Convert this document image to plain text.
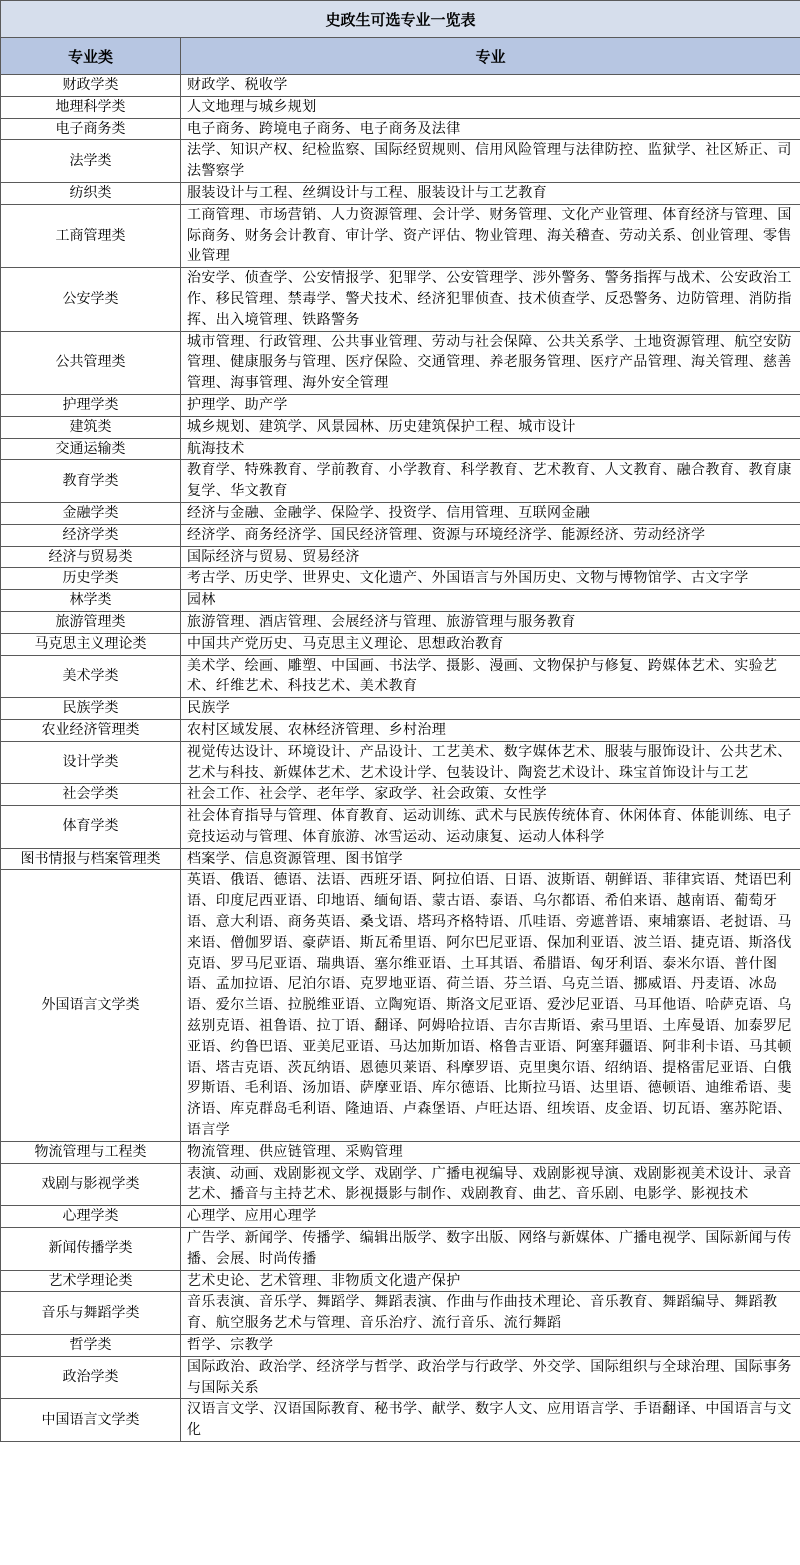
史政生可选专业一览表	
专业类	专业
财政学类	财政学、税收学
地理科学类	人文地理与城乡规划
电子商务类	电子商务、跨境电子商务、电子商务及法律
法学类	法学、知识产权、纪检监察、国际经贸规则、信用风险管理与法律防控、监狱学、社区矫正、司法警察学
纺织类	服装设计与工程、丝绸设计与工程、服装设计与工艺教育
工商管理类	工商管理、市场营销、人力资源管理、会计学、财务管理、文化产业管理、体育经济与管理、国际商务、财务会计教育、审计学、资产评估、物业管理、海关稽查、劳动关系、创业管理、零售业管理
公安学类	治安学、侦查学、公安情报学、犯罪学、公安管理学、涉外警务、警务指挥与战术、公安政治工作、移民管理、禁毒学、警犬技术、经济犯罪侦查、技术侦查学、反恐警务、边防管理、消防指挥、出入境管理、铁路警务
公共管理类	城市管理、行政管理、公共事业管理、劳动与社会保障、公共关系学、土地资源管理、航空安防管理、健康服务与管理、医疗保险、交通管理、养老服务管理、医疗产品管理、海关管理、慈善管理、海事管理、海外安全管理
护理学类	护理学、助产学
建筑类	城乡规划、建筑学、风景园林、历史建筑保护工程、城市设计
交通运输类	航海技术
教育学类	教育学、特殊教育、学前教育、小学教育、科学教育、艺术教育、人文教育、融合教育、教育康复学、华文教育
金融学类	经济与金融、金融学、保险学、投资学、信用管理、互联网金融
经济学类	经济学、商务经济学、国民经济管理、资源与环境经济学、能源经济、劳动经济学
经济与贸易类	国际经济与贸易、贸易经济
历史学类	考古学、历史学、世界史、文化遗产、外国语言与外国历史、文物与博物馆学、古文字学
林学类	园林
旅游管理类	旅游管理、酒店管理、会展经济与管理、旅游管理与服务教育
马克思主义理论类	中国共产党历史、马克思主义理论、思想政治教育
美术学类	美术学、绘画、雕塑、中国画、书法学、摄影、漫画、文物保护与修复、跨媒体艺术、实验艺术、纤维艺术、科技艺术、美术教育
民族学类	民族学
农业经济管理类	农村区域发展、农林经济管理、乡村治理
设计学类	视觉传达设计、环境设计、产品设计、工艺美术、数字媒体艺术、服装与服饰设计、公共艺术、艺术与科技、新媒体艺术、艺术设计学、包装设计、陶瓷艺术设计、珠宝首饰设计与工艺
社会学类	社会工作、社会学、老年学、家政学、社会政策、女性学
体育学类	社会体育指导与管理、体育教育、运动训练、武术与民族传统体育、休闲体育、体能训练、电子竞技运动与管理、体育旅游、冰雪运动、运动康复、运动人体科学
图书情报与档案管理类	档案学、信息资源管理、图书馆学
外国语言文学类	英语、俄语、德语、法语、西班牙语、阿拉伯语、日语、波斯语、朝鲜语、菲律宾语、梵语巴利语、印度尼西亚语、印地语、缅甸语、蒙古语、泰语、乌尔都语、希伯来语、越南语、葡萄牙语、意大利语、商务英语、桑戈语、塔玛齐格特语、爪哇语、旁遮普语、柬埔寨语、老挝语、马来语、僧伽罗语、豪萨语、斯瓦希里语、阿尔巴尼亚语、保加利亚语、波兰语、捷克语、斯洛伐克语、罗马尼亚语、瑞典语、塞尔维亚语、土耳其语、希腊语、匈牙利语、泰米尔语、普什图语、孟加拉语、尼泊尔语、克罗地亚语、荷兰语、芬兰语、乌克兰语、挪威语、丹麦语、冰岛语、爱尔兰语、拉脱维亚语、立陶宛语、斯洛文尼亚语、爱沙尼亚语、马耳他语、哈萨克语、乌兹别克语、祖鲁语、拉丁语、翻译、阿姆哈拉语、吉尔吉斯语、索马里语、土库曼语、加泰罗尼亚语、约鲁巴语、亚美尼亚语、马达加斯加语、格鲁吉亚语、阿塞拜疆语、阿非利卡语、马其顿语、塔吉克语、茨瓦纳语、恩德贝莱语、科摩罗语、克里奥尔语、绍纳语、提格雷尼亚语、白俄罗斯语、毛利语、汤加语、萨摩亚语、库尔德语、比斯拉马语、达里语、德顿语、迪维希语、斐济语、库克群岛毛利语、隆迪语、卢森堡语、卢旺达语、纽埃语、皮金语、切瓦语、塞苏陀语、语言学
物流管理与工程类	物流管理、供应链管理、采购管理
戏剧与影视学类	表演、动画、戏剧影视文学、戏剧学、广播电视编导、戏剧影视导演、戏剧影视美术设计、录音艺术、播音与主持艺术、影视摄影与制作、戏剧教育、曲艺、音乐剧、电影学、影视技术
心理学类	心理学、应用心理学
新闻传播学类	广告学、新闻学、传播学、编辑出版学、数字出版、网络与新媒体、广播电视学、国际新闻与传播、会展、时尚传播
艺术学理论类	艺术史论、艺术管理、非物质文化遗产保护
音乐与舞蹈学类	音乐表演、音乐学、舞蹈学、舞蹈表演、作曲与作曲技术理论、音乐教育、舞蹈编导、舞蹈教育、航空服务艺术与管理、音乐治疗、流行音乐、流行舞蹈
哲学类	哲学、宗教学
政治学类	国际政治、政治学、经济学与哲学、政治学与行政学、外交学、国际组织与全球治理、国际事务与国际关系
中国语言文学类	汉语言文学、汉语国际教育、秘书学、献学、数字人文、应用语言学、手语翻译、中国语言与文化
